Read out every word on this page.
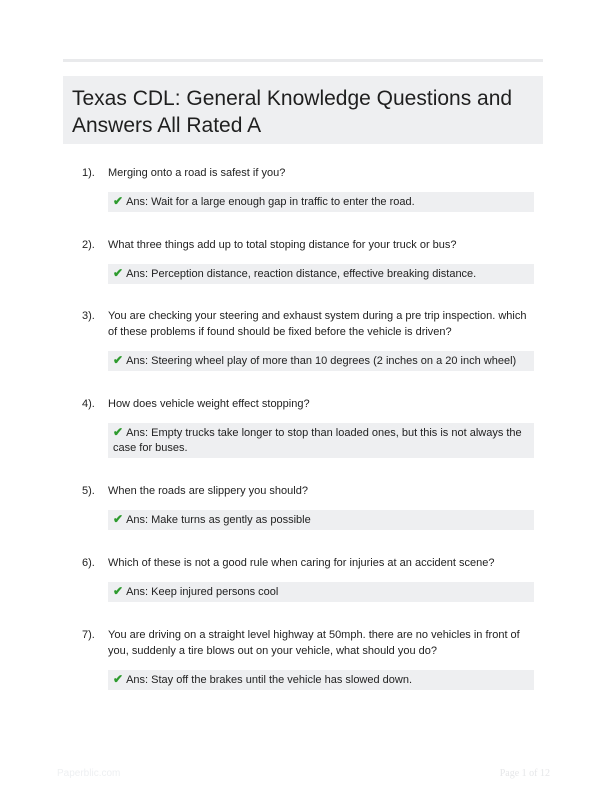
Texas CDL: General Knowledge Questions and Answers All Rated A
1). Merging onto a road is safest if you?
✔ Ans: Wait for a large enough gap in traffic to enter the road.
2). What three things add up to total stoping distance for your truck or bus?
✔ Ans: Perception distance, reaction distance, effective breaking distance.
3). You are checking your steering and exhaust system during a pre trip inspection. which of these problems if found should be fixed before the vehicle is driven?
✔ Ans: Steering wheel play of more than 10 degrees (2 inches on a 20 inch wheel)
4). How does vehicle weight effect stopping?
✔ Ans: Empty trucks take longer to stop than loaded ones, but this is not always the case for buses.
5). When the roads are slippery you should?
✔ Ans: Make turns as gently as possible
6). Which of these is not a good rule when caring for injuries at an accident scene?
✔ Ans: Keep injured persons cool
7). You are driving on a straight level highway at 50mph. there are no vehicles in front of you, suddenly a tire blows out on your vehicle, what should you do?
✔ Ans: Stay off the brakes until the vehicle has slowed down.
Paperblic.com	Page 1 of 12
